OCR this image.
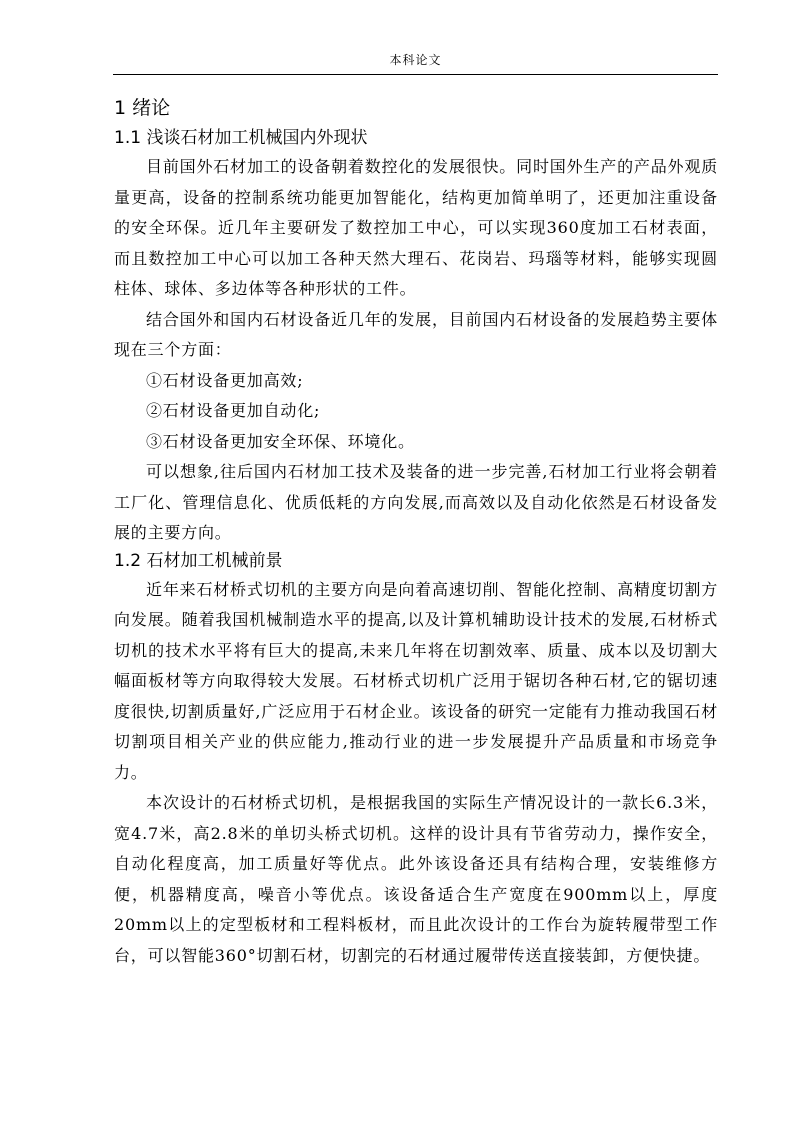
本科论文
1 绪论
1.1 浅谈石材加工机械国内外现状

目前国外石材加工的设备朝着数控化的发展很快。同时国外生产的产品外观质量更高，设备的控制系统功能更加智能化，结构更加简单明了，还更加注重设备的安全环保。近几年主要研发了数控加工中心，可以实现360度加工石材表面，而且数控加工中心可以加工各种天然大理石、花岗岩、玛瑙等材料，能够实现圆柱体、球体、多边体等各种形状的工件。

结合国外和国内石材设备近几年的发展，目前国内石材设备的发展趋势主要体现在三个方面：

①石材设备更加高效;

②石材设备更加自动化;

③石材设备更加安全环保、环境化。

可以想象,往后国内石材加工技术及装备的进一步完善,石材加工行业将会朝着工厂化、管理信息化、优质低耗的方向发展,而高效以及自动化依然是石材设备发展的主要方向。

1.2 石材加工机械前景

近年来石材桥式切机的主要方向是向着高速切削、智能化控制、高精度切割方向发展。随着我国机械制造水平的提高,以及计算机辅助设计技术的发展,石材桥式切机的技术水平将有巨大的提高,未来几年将在切割效率、质量、成本以及切割大幅面板材等方向取得较大发展。石材桥式切机广泛用于锯切各种石材,它的锯切速度很快,切割质量好,广泛应用于石材企业。该设备的研究一定能有力推动我国石材切割项目相关产业的供应能力,推动行业的进一步发展提升产品质量和市场竞争力。

本次设计的石材桥式切机，是根据我国的实际生产情况设计的一款长6.3米，宽4.7米，高2.8米的单切头桥式切机。这样的设计具有节省劳动力，操作安全，自动化程度高，加工质量好等优点。此外该设备还具有结构合理，安装维修方便，机器精度高，噪音小等优点。该设备适合生产宽度在900mm以上，厚度20mm以上的定型板材和工程料板材，而且此次设计的工作台为旋转履带型工作台，可以智能360°切割石材，切割完的石材通过履带传送直接装卸，方便快捷。
